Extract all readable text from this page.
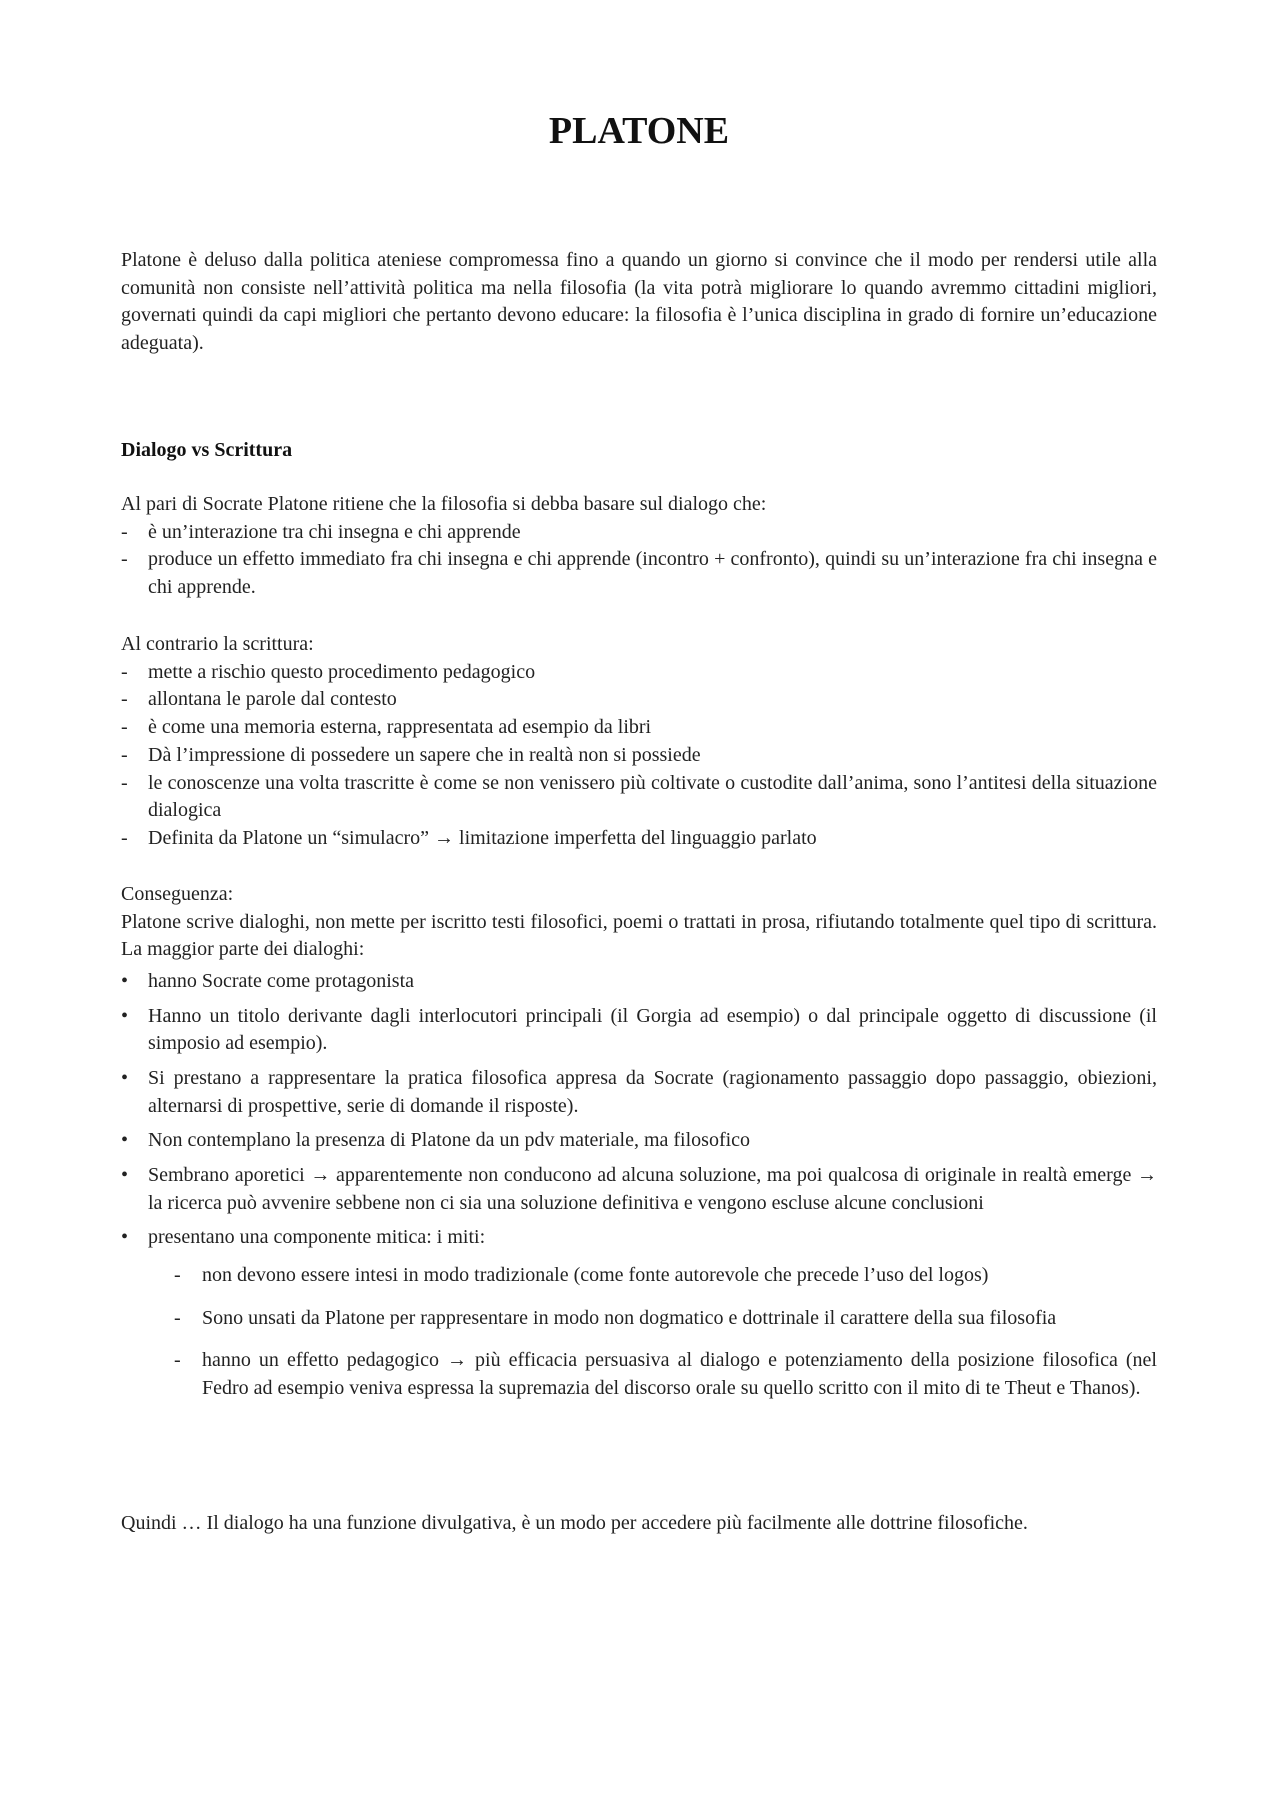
PLATONE

Platone è deluso dalla politica ateniese compromessa fino a quando un giorno si convince che il modo per rendersi utile alla comunità non consiste nell’attività politica ma nella filosofia (la vita potrà migliorare lo quando avremmo cittadini migliori, governati quindi da capi migliori che pertanto devono educare: la filosofia è l’unica disciplina in grado di fornire un’educazione adeguata).

Dialogo vs Scrittura

Al pari di Socrate Platone ritiene che la filosofia si debba basare sul dialogo che:

- è un’interazione tra chi insegna e chi apprende
- produce un effetto immediato fra chi insegna e chi apprende (incontro + confronto), quindi su un’interazione fra chi insegna e chi apprende.

Al contrario la scrittura:

- mette a rischio questo procedimento pedagogico
- allontana le parole dal contesto
- è come una memoria esterna, rappresentata ad esempio da libri
- Dà l’impressione di possedere un sapere che in realtà non si possiede
- le conoscenze una volta trascritte è come se non venissero più coltivate o custodite dall’anima, sono l’antitesi della situazione dialogica
- Definita da Platone un “simulacro” → limitazione imperfetta del linguaggio parlato

Conseguenza:

Platone scrive dialoghi, non mette per iscritto testi filosofici, poemi o trattati in prosa, rifiutando totalmente quel tipo di scrittura. La maggior parte dei dialoghi:

• hanno Socrate come protagonista
• Hanno un titolo derivante dagli interlocutori principali (il Gorgia ad esempio) o dal principale oggetto di discussione (il simposio ad esempio).
• Si prestano a rappresentare la pratica filosofica appresa da Socrate (ragionamento passaggio dopo passaggio, obiezioni, alternarsi di prospettive, serie di domande il risposte).
• Non contemplano la presenza di Platone da un pdv materiale, ma filosofico
• Sembrano aporetici → apparentemente non conducono ad alcuna soluzione, ma poi qualcosa di originale in realtà emerge → la ricerca può avvenire sebbene non ci sia una soluzione definitiva e vengono escluse alcune conclusioni
• presentano una componente mitica: i miti:
- non devono essere intesi in modo tradizionale (come fonte autorevole che precede l’uso del logos)
- Sono unsati da Platone per rappresentare in modo non dogmatico e dottrinale il carattere della sua filosofia
- hanno un effetto pedagogico → più efficacia persuasiva al dialogo e potenziamento della posizione filosofica (nel Fedro ad esempio veniva espressa la supremazia del discorso orale su quello scritto con il mito di te Theut e Thanos).

Quindi … Il dialogo ha una funzione divulgativa, è un modo per accedere più facilmente alle dottrine filosofiche.
